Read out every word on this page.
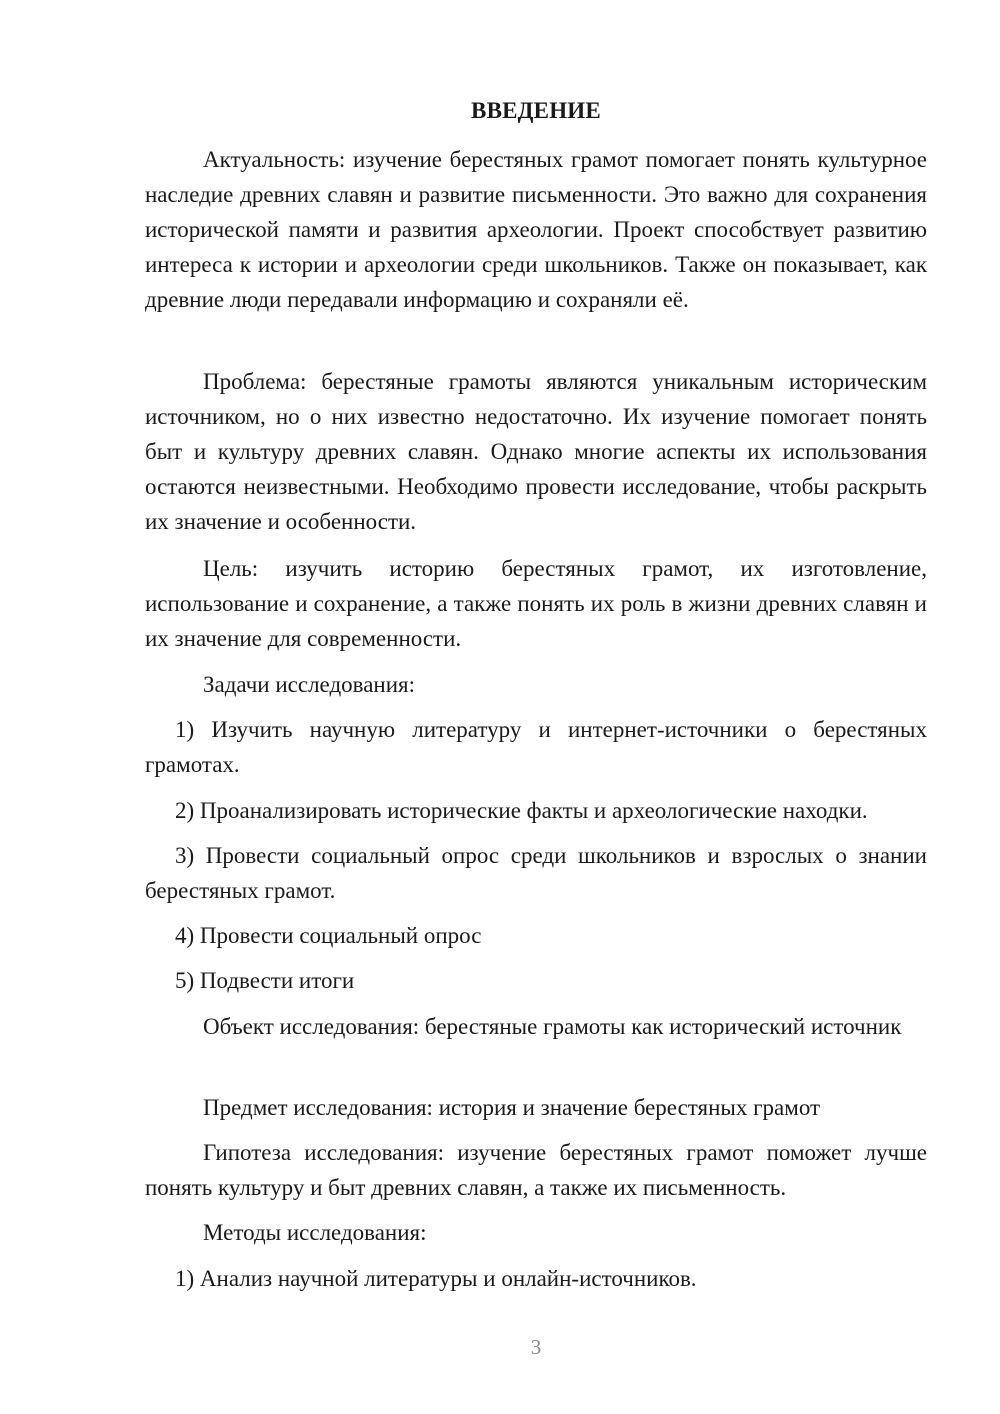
ВВЕДЕНИЕ

Актуальность: изучение берестяных грамот помогает понять культурное наследие древних славян и развитие письменности. Это важно для сохранения исторической памяти и развития археологии. Проект способствует развитию интереса к истории и археологии среди школьников. Также он показывает, как древние люди передавали информацию и сохраняли её.

Проблема: берестяные грамоты являются уникальным историческим источником, но о них известно недостаточно. Их изучение помогает понять быт и культуру древних славян. Однако многие аспекты их использования остаются неизвестными. Необходимо провести исследование, чтобы раскрыть их значение и особенности.

Цель: изучить историю берестяных грамот, их изготовление, использование и сохранение, а также понять их роль в жизни древних славян и их значение для современности.

Задачи исследования:

1) Изучить научную литературу и интернет-источники о берестяных грамотах.

2) Проанализировать исторические факты и археологические находки.

3) Провести социальный опрос среди школьников и взрослых о знании берестяных грамот.

4) Провести социальный опрос

5) Подвести итоги

Объект исследования: берестяные грамоты как исторический источник

Предмет исследования: история и значение берестяных грамот

Гипотеза исследования: изучение берестяных грамот поможет лучше понять культуру и быт древних славян, а также их письменность.

Методы исследования:

1) Анализ научной литературы и онлайн-источников.

3
